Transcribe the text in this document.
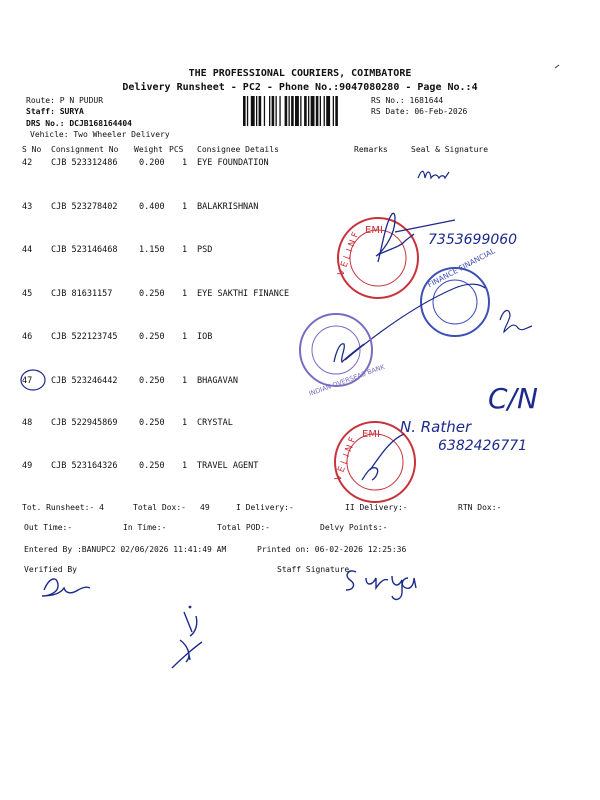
THE PROFESSIONAL COURIERS, COIMBATORE
Delivery Runsheet - PC2 - Phone No.:9047080280 - Page No.:4
Route: P N PUDUR
Staff: SURYA
DRS No.: DCJB168164404
Vehicle: Two Wheeler Delivery
RS No.: 1681644
RS Date: 06-Feb-2026
S No Consignment No Weight PCS Consignee Details	Remarks	Seal & Signature
42 CJB 523312486	0.200 1 EYE FOUNDATION
43 CJB 523278402	0.400 1 BALAKRISHNAN
44 CJB 523146468	1.150 1 PSD
45 CJB 81631157	0.250 1 EYE SAKTHI FINANCE
46 CJB 522123745	0.250 1 IOB
47 CJB 523246442	0.250 1 BHAGAVAN
48 CJB 522945869	0.250 1 CRYSTAL
49 CJB 523164326	0.250 1 TRAVEL AGENT
Tot. Runsheet:- 4	Total Dox:- 49	I Delivery:-	II Delivery:-	RTN Dox:-
Out Time:-	In Time:-	Total POD:-	Delvy Points:-
Entered By :BANUPC2 02/06/2026 11:41:49 AM	Printed on: 06-02-2026 12:25:36
Verified By	Staff Signature
EMI
V E L I N F	7353699060
FINANCE FINANCIAL
INDIAN OVERSEAS BANK
C/N
N. Rather
6382426771
EMI
V E L I N F
